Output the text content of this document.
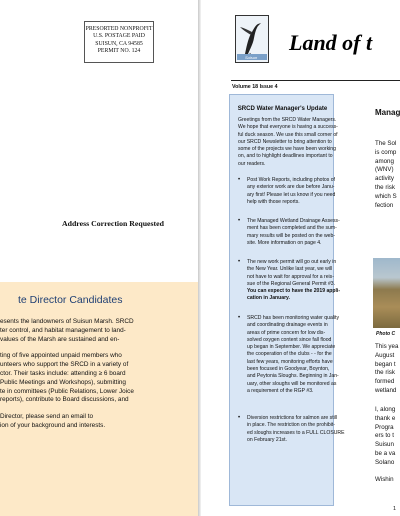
PRESORTED NONPROFIT
U.S. POSTAGE PAID
SUISUN, CA 94585
PERMIT NO. 124
Address Correction Requested
te Director Candidates
esents the landowners of Suisun Marsh. SRCD
ter control, and habitat management to land-
values of the Marsh are sustained and en-
ting of five appointed unpaid members who
unteers who support the SRCD in a variety of
ctor. Their tasks include: attending ≥ 6 board
Public Meetings and Workshops), submitting
te in committees (Public Relations, Lower Joice
reports), contribute to Board discussions, and
Director, please send an email to
ion of your background and interests.
Suisun
Land of t
Volume 18 Issue 4
SRCD Water Manager's Update
Greetings from the SRCD Water Managers.
We hope that everyone is having a success-
ful duck season. We use this small corner of
our SRCD Newsletter to bring attention to
some of the projects we have been working
on, and to highlight deadlines important to
our readers.
• Post Work Reports, including photos of
any exterior work are due before Janu-
ary first! Please let us know if you need
help with those reports.
• The Managed Wetland Drainage Assess-
ment has been completed and the sum-
mary results will be posted on the web-
site. More information on page 4.
• The new work permit will go out early in
the New Year. Unlike last year, we will
not have to wait for approval for a reis-
sue of the Regional General Permit #3.
You can expect to have the 2019 appli-
cation in January.
• SRCD has been monitoring water quality
and coordinating drainage events in
areas of prime concern for low dis-
solved oxygen content since fall flood
up began in September. We appreciate
the cooperation of the clubs - - for the
last few years, monitoring efforts have
been focused in Goodyear, Boynton,
and Peytonia Sloughs. Beginning in Jan-
uary, other sloughs will be monitored as
a requirement of the RGP #3.
• Diversion restrictions for salmon are still
in place. The restriction on the prohibit-
ed sloughs increases to a FULL CLOSURE
on February 21st.
Manag
The Sol
is comp
among
(WNV)
activity
the risk
which S
fection
Photo C
This yea
August
began t
the risk
formed
wetland
I, along
thank e
Progra
ers to t
Suisun
be a va
Solano
Wishin
1
